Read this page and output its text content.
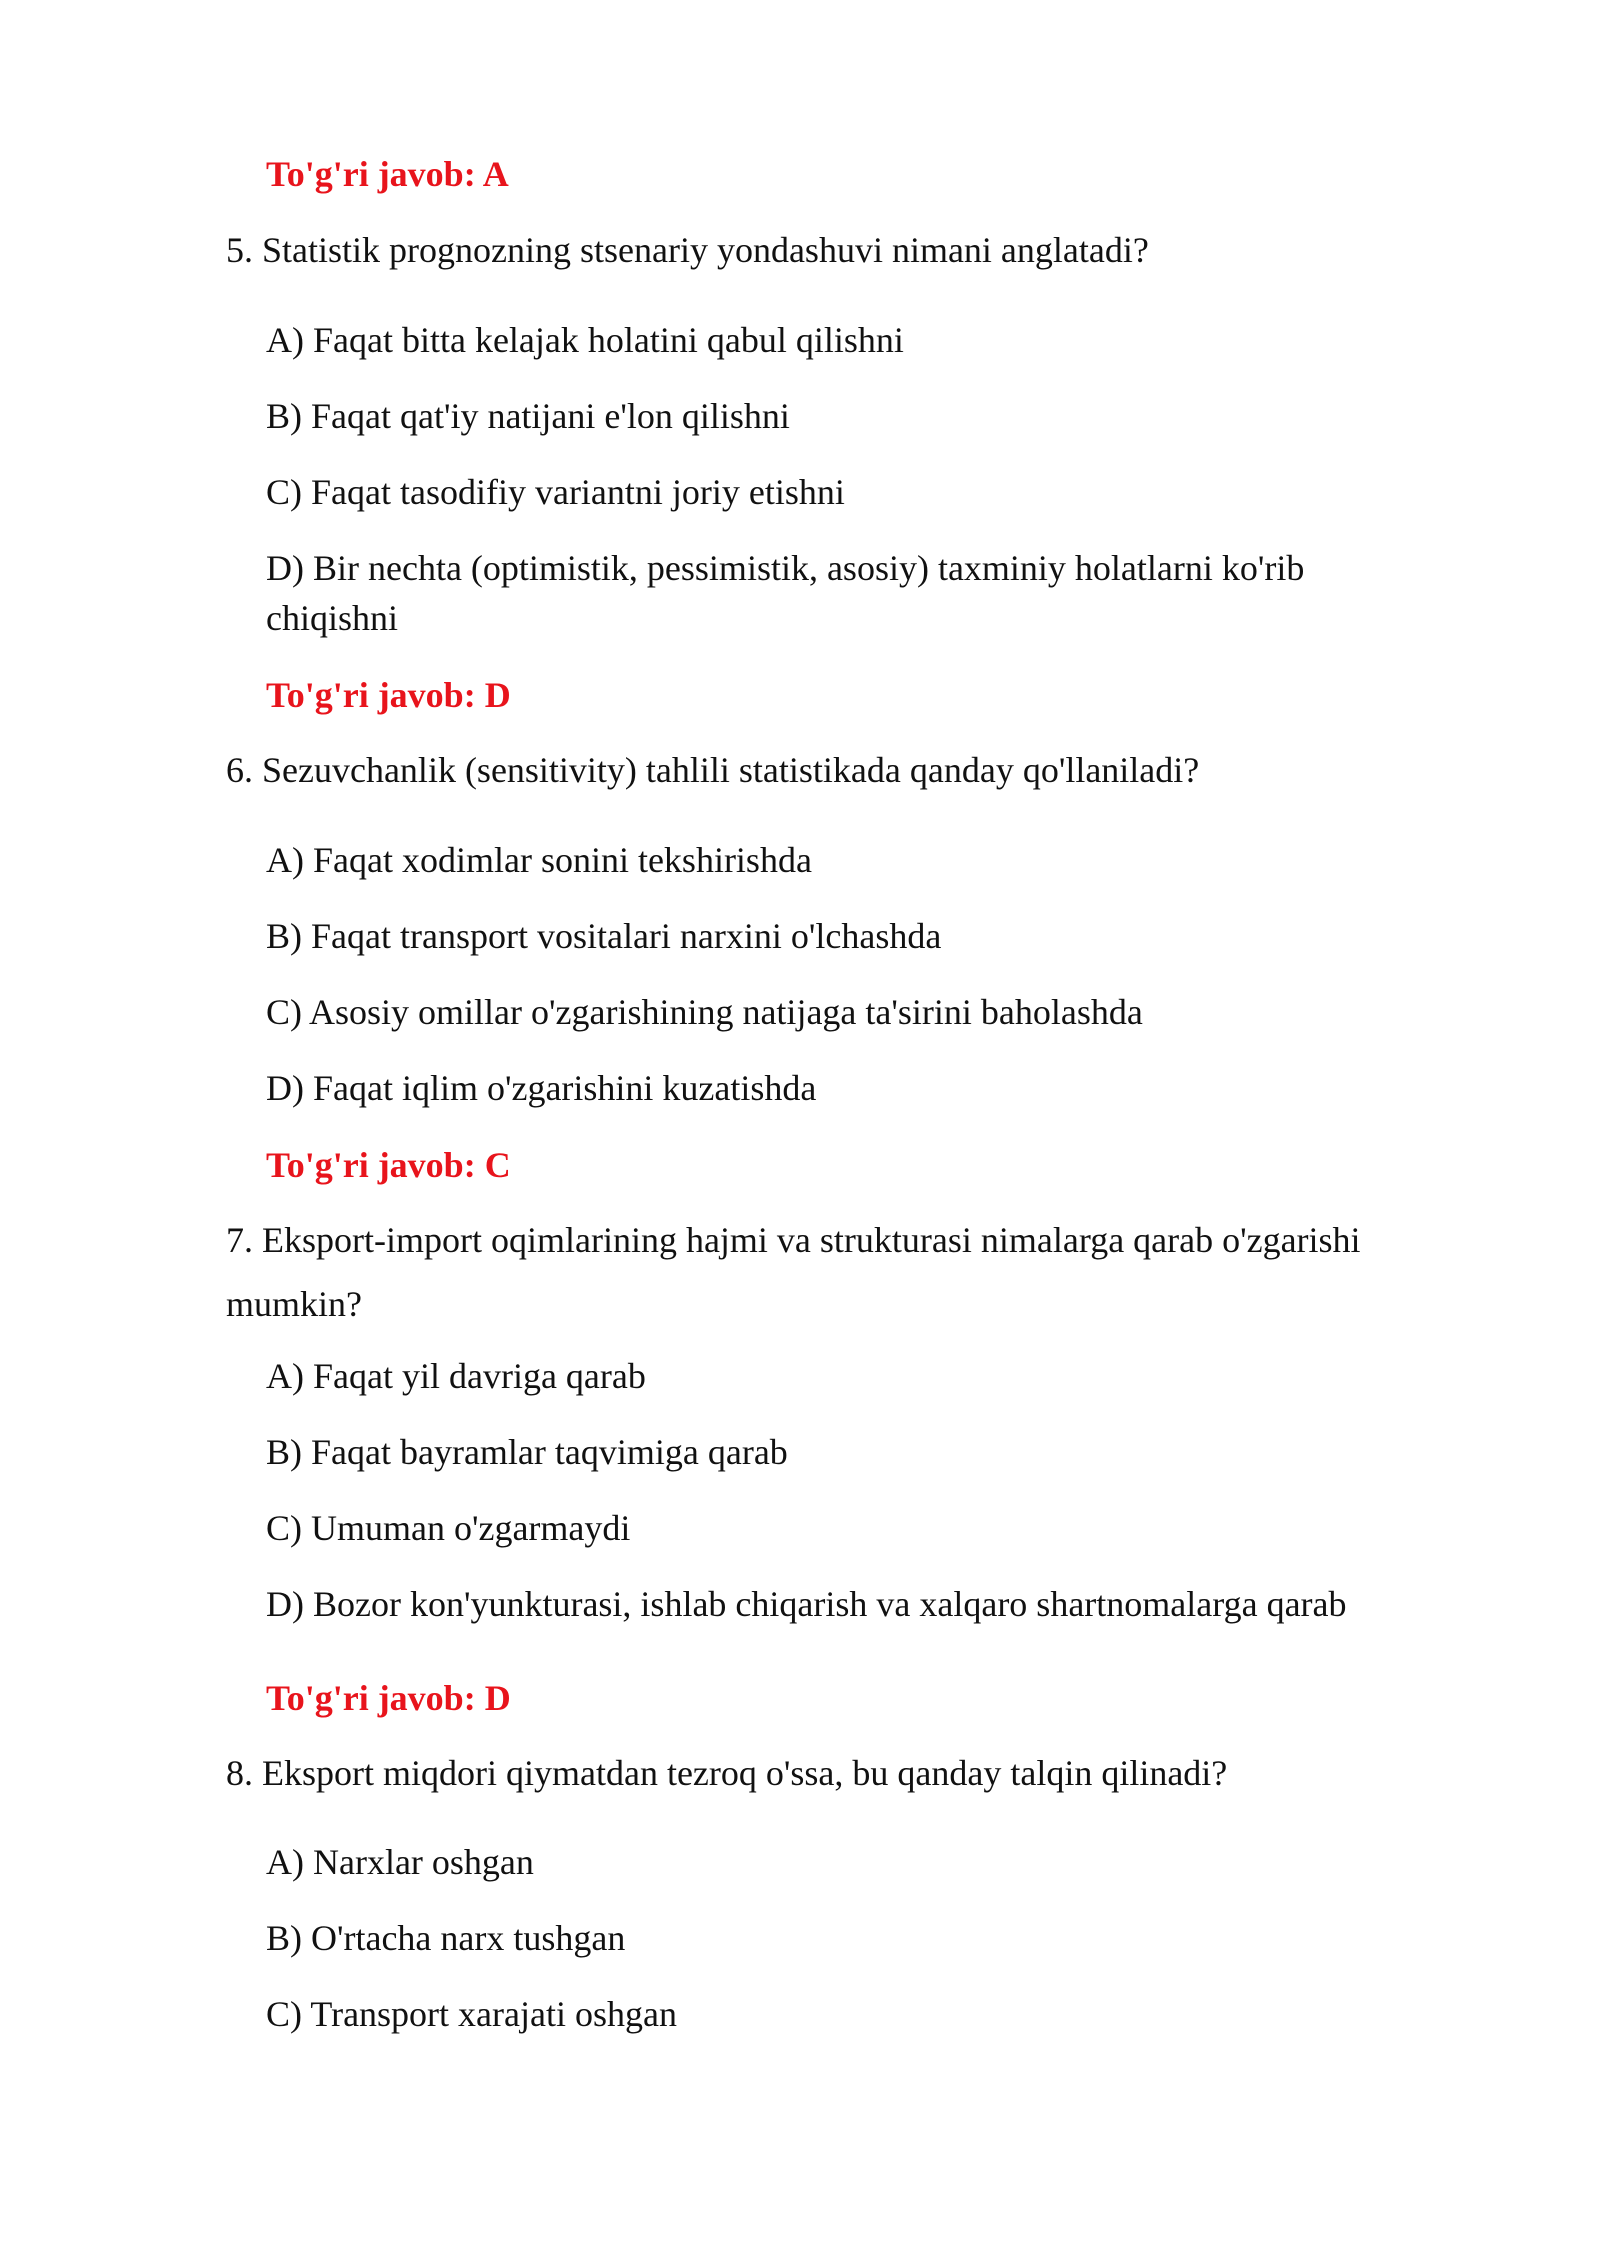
To'g'ri javob: A
5. Statistik prognozning stsenariy yondashuvi nimani anglatadi?
A) Faqat bitta kelajak holatini qabul qilishni
B) Faqat qat'iy natijani e'lon qilishni
C) Faqat tasodifiy variantni joriy etishni
D) Bir nechta (optimistik, pessimistik, asosiy) taxminiy holatlarni ko'rib chiqishni
To'g'ri javob: D
6. Sezuvchanlik (sensitivity) tahlili statistikada qanday qo'llaniladi?
A) Faqat xodimlar sonini tekshirishda
B) Faqat transport vositalari narxini o'lchashda
C) Asosiy omillar o'zgarishining natijaga ta'sirini baholashda
D) Faqat iqlim o'zgarishini kuzatishda
To'g'ri javob: C
7. Eksport-import oqimlarining hajmi va strukturasi nimalarga qarab o'zgarishi mumkin?
A) Faqat yil davriga qarab
B) Faqat bayramlar taqvimiga qarab
C) Umuman o'zgarmaydi
D) Bozor kon'yunkturasi, ishlab chiqarish va xalqaro shartnomalarga qarab
To'g'ri javob: D
8. Eksport miqdori qiymatdan tezroq o'ssa, bu qanday talqin qilinadi?
A) Narxlar oshgan
B) O'rtacha narx tushgan
C) Transport xarajati oshgan
